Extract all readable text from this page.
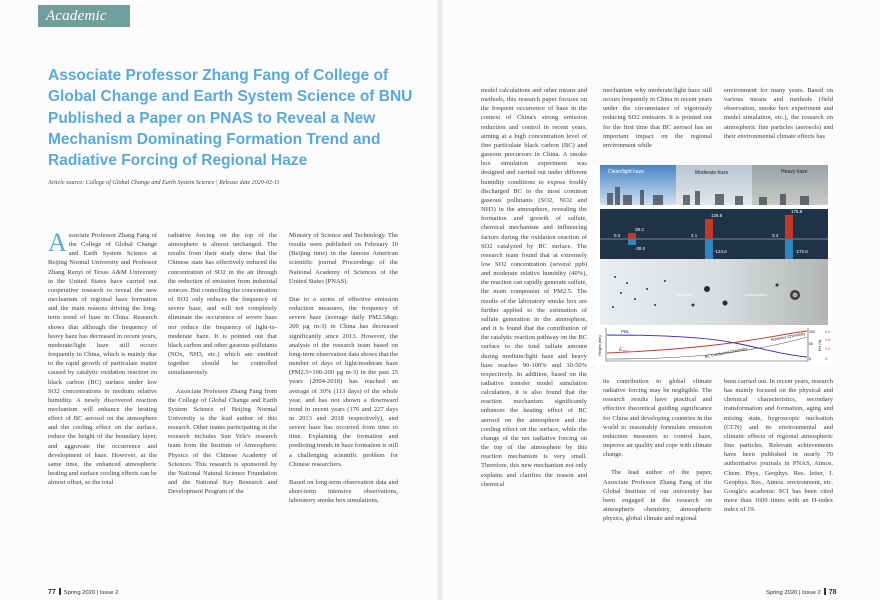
Academic
Associate Professor Zhang Fang of College of Global Change and Earth System Science of BNU Published a Paper on PNAS to Reveal a New Mechanism Dominating Formation Trend and Radiative Forcing of Regional Haze
Article source: College of Global Change and Earth System Science | Release date 2020-02-11
Associate Professor Zhang Fang of the College of Global Change and Earth System Science at Beijing Normal University and Professor Zhang Renyi of Texas A&M University in the United States have carried out cooperative research to reveal the new mechanism of regional haze formation and the main reasons driving the long-term trend of haze in China. Research shows that although the frequency of heavy haze has decreased in recent years, moderate/light haze still occurs frequently in China, which is mainly due to the rapid growth of particulate matter caused by catalytic oxidation reaction on black carbon (BC) surface under low SO2 concentrations in medium relative humidity. A newly discovered reaction mechanism will enhance the heating effect of BC aerosol on the atmosphere and the cooling effect on the surface, reduce the height of the boundary layer, and aggravate the occurrence and development of haze. However, at the same time, the enhanced atmospheric heating and surface cooling effects can be almost offset, so the total

radiative forcing on the top of the atmosphere is almost unchanged. The results from their study show that the Chinese state has effectively reduced the concentration of SO2 in the air through the reduction of emission from industrial sources. But controlling the concentration of SO2 only reduces the frequency of severe haze, and will not completely eliminate the occurrence of severe haze nor reduce the frequency of light-to-moderate haze. It is pointed out that black carbon and other gaseous pollutants (NOx, NH3, etc.) which are emitted together should be controlled simultaneously.

Associate Professor Zhang Fang from the College of Global Change and Earth System Science of Beijing Normal University is the lead author of this research. Other teams participating in the research includes Sun Yele's research team from the Institute of Atmospheric Physics of the Chinese Academy of Sciences. This research is sponsored by the National Natural Science Foundation and the National Key Research and Development Program of the

Ministry of Science and Technology. The results were published on February 10 (Beijing time) in the famous American scientific journal Proceedings of the National Academy of Sciences of the United States (PNAS).

Due to a series of effective emission reduction measures, the frequency of severe haze (average daily PM2.5&gt; 200 μg m-3) in China has decreased significantly since 2013. However, the analysis of the research team based on long-term observation data shows that the number of days of light/moderate haze (PM2.5=100-200 μg m-3) in the past 15 years (2004-2018) has reached an average of 30% (113 days) of the whole year, and has not shown a downward trend in recent years (176 and 227 days in 2013 and 2018 respectively), and severe haze has occurred from time to time. Explaining the formation and predicting trends in haze formation is still a challenging scientific problem for Chinese researchers.

Based on long-term observation data and short-term intensive observations, laboratory smoke box simulations,

model calculations and other means and methods, this research paper focuses on the frequent occurrence of haze in the context of China's strong emission reduction and control in recent years, aiming at a high concentration level of fine particulate black carbon (BC) and gaseous precursors in China. A smoke box simulation experiment was designed and carried out under different humidity conditions to expose freshly discharged BC to the most common gaseous pollutants (SO2, NO2 and NH3) in the atmosphere, revealing the formation and growth of sulfate, chemical mechanism and influencing factors during the oxidation reaction of SO2 catalyzed by BC surface. The research team found that at extremely low SO2 concentration (several ppb) and moderate relative humidity (40%), the reaction can rapidly generate sulfate, the main component of PM2.5. The results of the laboratory smoke box are further applied to the estimation of sulfate generation in the atmosphere, and it is found that the contribution of the catalytic reaction pathway on the BC surface to the total sulfate amount during medium/light haze and heavy haze reaches 90-100% and 30-50% respectively. In addition, based on the radiative transfer model simulation calculation, it is also found that the reaction mechanism significantly enhances the heating effect of BC aerosol on the atmosphere and the cooling effect on the surface, while the change of the net radiative forcing on the top of the atmosphere by this reaction mechanism is very small. Therefore, this new mechanism not only explains and clarifies the reason and chemical

mechanism why moderate/light haze still occurs frequently in China in recent years under the circumstance of vigorously reducing SO2 emission. It is pointed out for the first time that BC aerosol has an important impact on the regional environment while

environment for many years. Based on various means and methods (field observation, smoke box experiment and model simulation, etc.), the research on atmospheric fine particles (aerosols) and their environmental climate effects has

Clean/light haze	Moderate haze	Heavy haze
38.3
0.3
-38.0
126.8
2.1
-124.6
175.9
3.4
-172.6
Height (km)
PBL
E BSS
Aqueous Chemistry
BC Catalyzed Chemistry
100
50
0
RH (%)
2.0
1.5
1.0
0

its contribution to global climate radiative forcing may be negligible. The research results have practical and effective theoretical guiding significance for China and developing countries in the world to reasonably formulate emission reduction measures to control haze, improve air quality and cope with climate change.

The lead author of the paper, Associate Professor Zhang Fang of the Global Institute of our university has been engaged in the research on atmospheric chemistry, atmospheric physics, global climate and regional

been carried out. In recent years, research has mainly focused on the physical and chemical characteristics, secondary transformation and formation, aging and mixing state, hygroscopic nucleation (CCN) and its environmental and climatic effects of regional atmospheric fine particles. Relevant achievements have been published in nearly 70 authoritative journals in PNAS, Atmos. Chem. Phys, Geophys. Res. letter, J. Geophys. Res., Atmos. environment, etc. Google's academic SCI has been cited more than 1600 times with an H-index index of 19.

77 Spring 2020 | Issue 2	Spring 2020 | Issue 2 78
